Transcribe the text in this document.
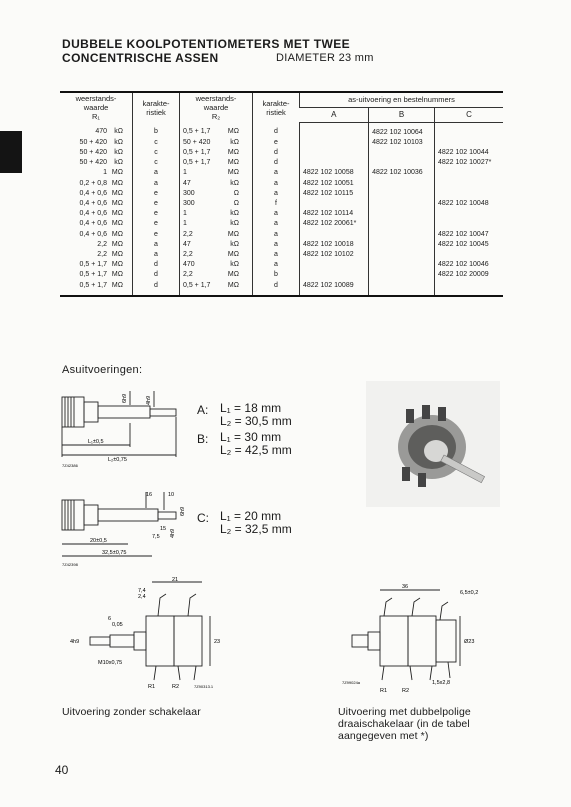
DUBBELE KOOLPOTENTIOMETERS MET TWEE
CONCENTRISCHE ASSEN	DIAMETER 23 mm
weerstands-
waarde
R₁	karakte-
ristiek	weerstands-
waarde
R₂	karakte-
ristiek	as-uitvoering en bestelnummers		
				A	B	C
470 kΩ	b	0,5 + 1,7 MΩ	d		4822 102 10064	
50 + 420 kΩ	c	50 + 420 kΩ	e		4822 102 10103	
50 + 420 kΩ	c	0,5 + 1,7 MΩ	d			4822 102 10044
50 + 420 kΩ	c	0,5 + 1,7 MΩ	d			4822 102 10027*
1 MΩ	a	1 MΩ	a	4822 102 10058	4822 102 10036	
0,2 + 0,8 MΩ	a	47 kΩ	a	4822 102 10051		
0,4 + 0,6 MΩ	e	300 Ω	a	4822 102 10115		
0,4 + 0,6 MΩ	e	300 Ω	f			4822 102 10048
0,4 + 0,6 MΩ	e	1 kΩ	a	4822 102 10114		
0,4 + 0,6 MΩ	e	1 kΩ	a	4822 102 20061*		
0,4 + 0,6 MΩ	e	2,2 MΩ	a			4822 102 10047
2,2 MΩ	a	47 kΩ	a	4822 102 10018		4822 102 10045
2,2 MΩ	a	2,2 MΩ	a	4822 102 10102		
0,5 + 1,7 MΩ	d	470 kΩ	a			4822 102 10046
0,5 + 1,7 MΩ	d	2,2 MΩ	b			4822 102 20009
0,5 + 1,7 MΩ	d	0,5 + 1,7 MΩ	d	4822 102 10089		
Asuitvoeringen:
A: L₁ = 18 mm
L₂ = 30,5 mm
B: L₁ = 30 mm
L₂ = 42,5 mm
C: L₁ = 20 mm
L₂ = 32,5 mm
6h9	4h9
L₁±0,5
L₂±0,75
7Z42386
16	10
6h9
4h9
15
7,5
20±0,5
32,5±0,75
7Z42398
21
7,4
2,4
6
0,05
4h9
M10x0,75
23
R1	R2	7Z90313.1
36
6,5±0,2
Ø23
1,5x2,8
R1	R2
7Z99024a
Uitvoering zonder schakelaar	Uitvoering met dubbelpolige
draaischakelaar (in de tabel
aangegeven met *)
40
